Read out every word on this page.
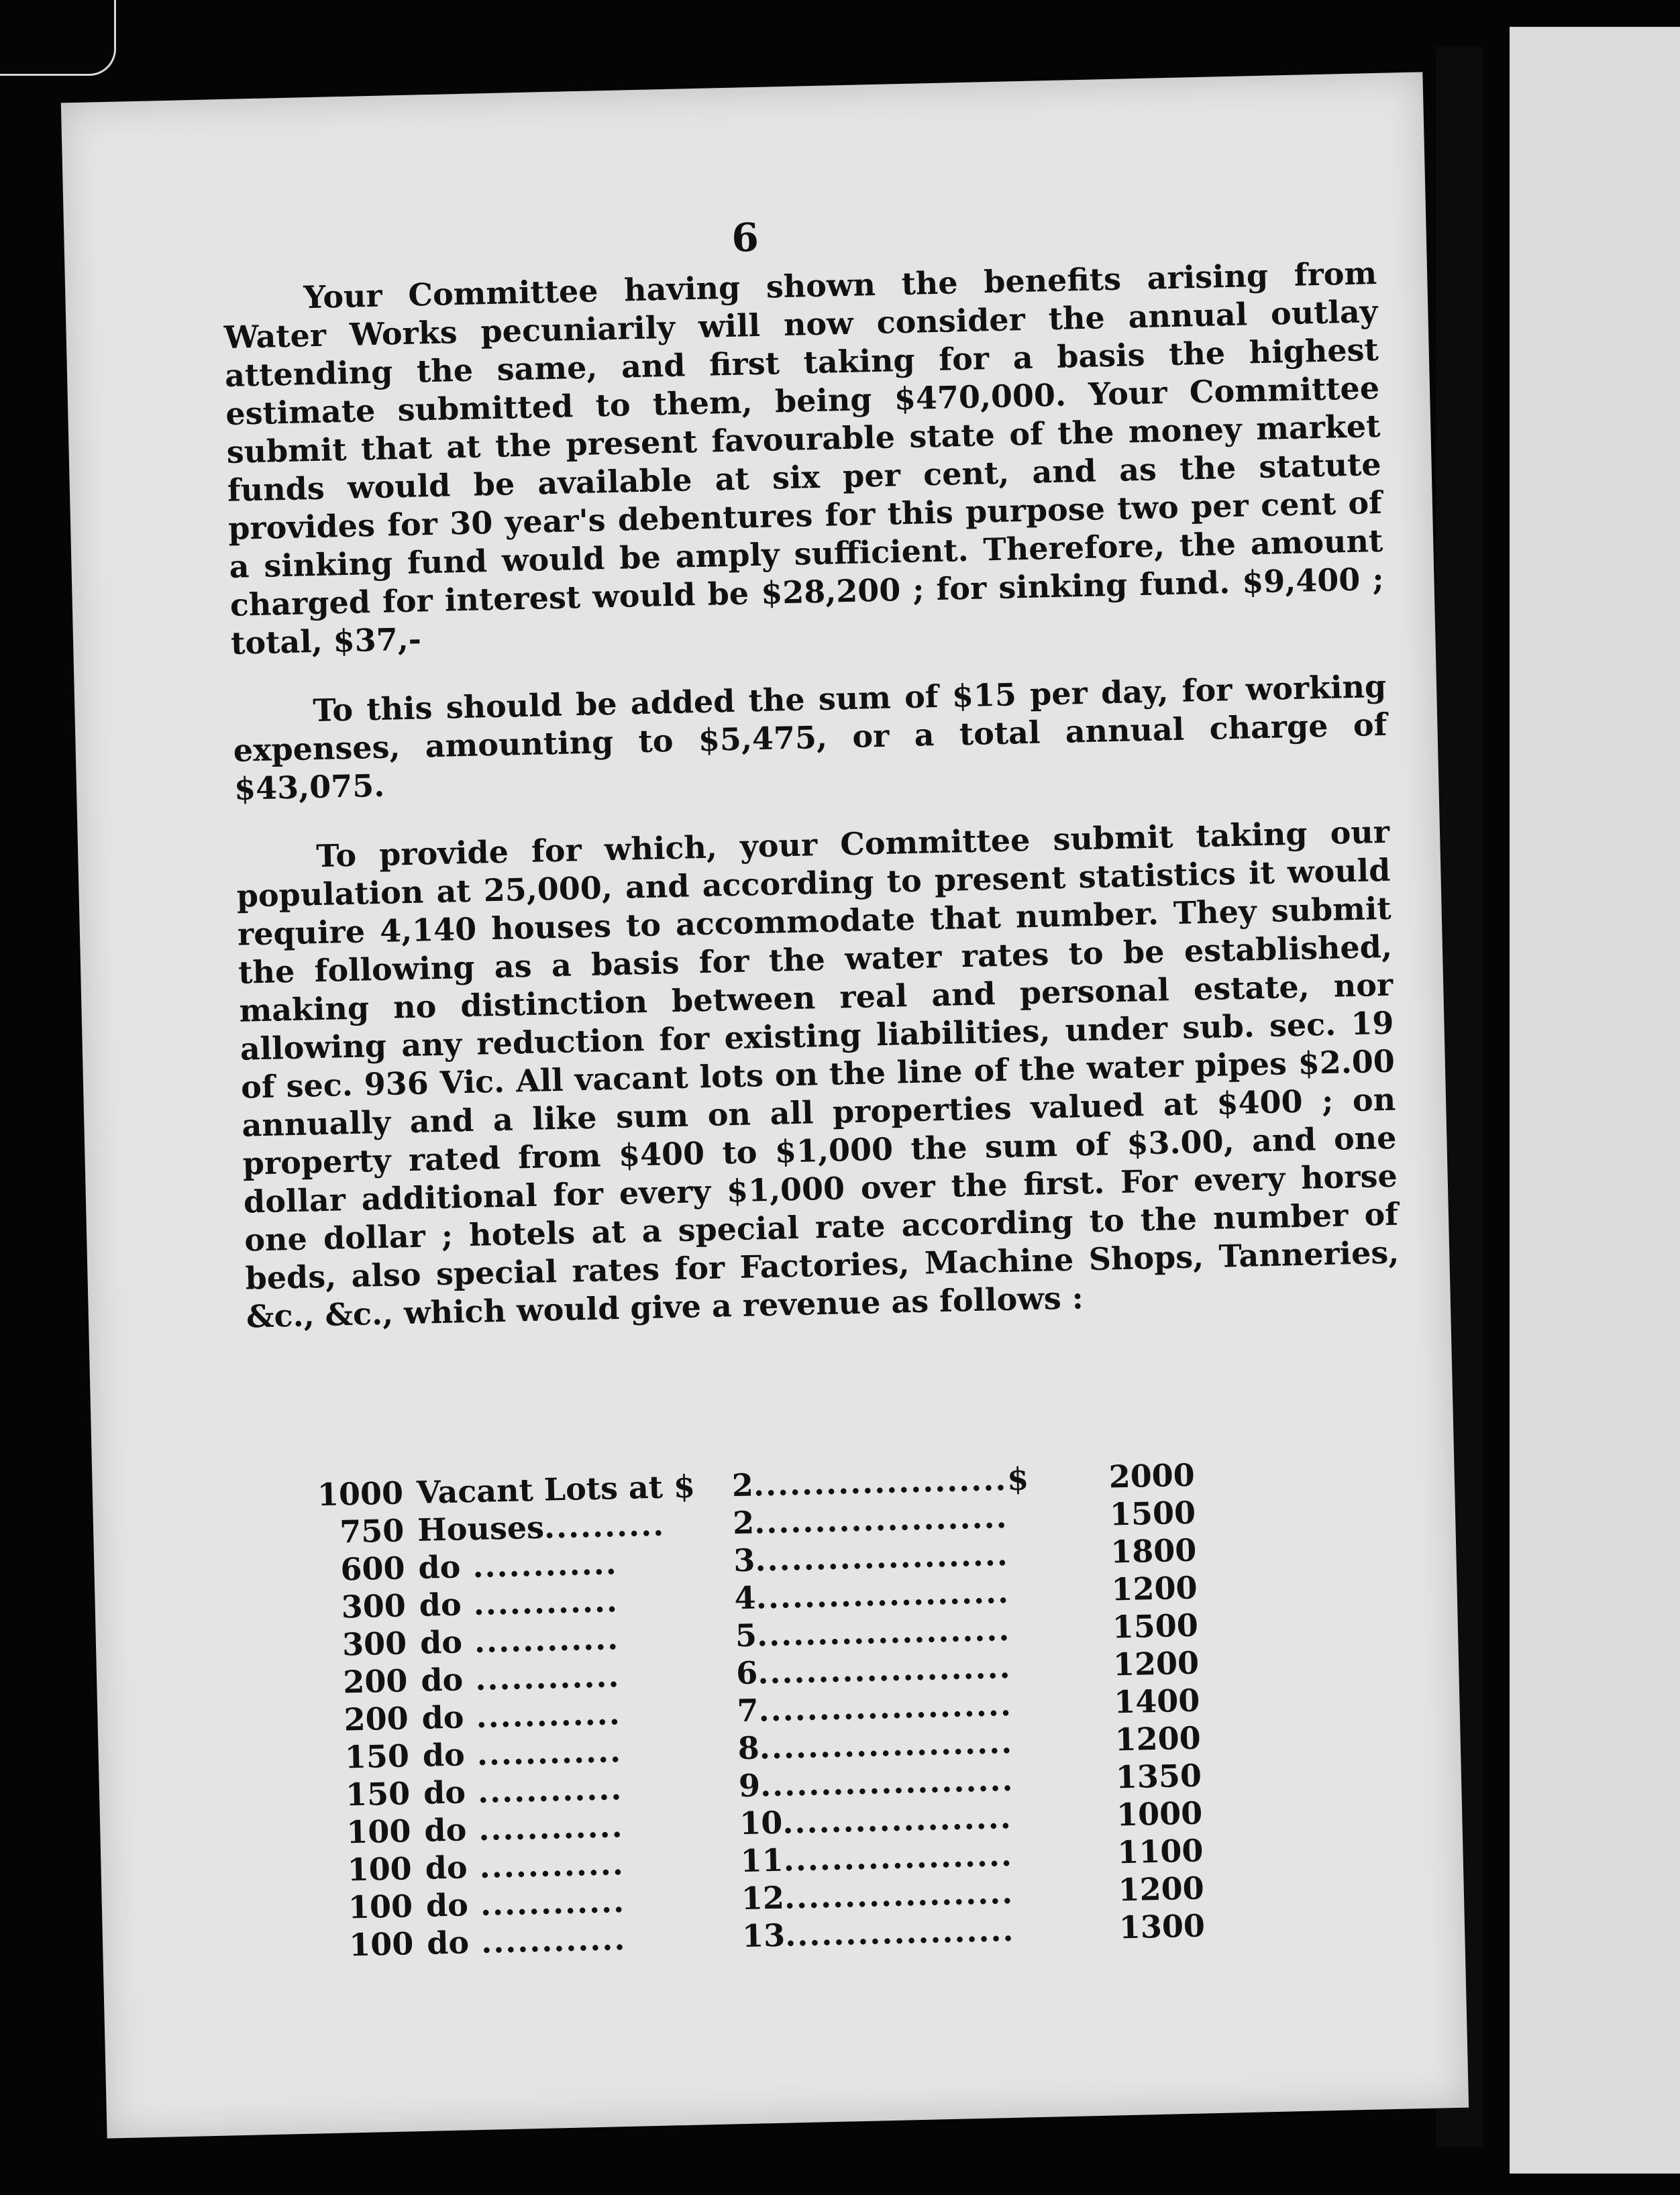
6

Your Committee having shown the benefits arising from Water Works pecuniarily will now consider the annual outlay attending the same, and first taking for a basis the highest estimate submitted to them, being $470,000. Your Committee submit that at the present favourable state of the money market funds would be available at six per cent, and as the statute provides for 30 year's debentures for this purpose two per cent of a sinking fund would be amply sufficient. Therefore, the amount charged for interest would be $28,200 ; for sinking fund. $9,400 ; total, $37,-

To this should be added the sum of $15 per day, for working expenses, amounting to $5,475, or a total annual charge of $43,075.

To provide for which, your Committee submit taking our population at 25,000, and according to present statistics it would require 4,140 houses to accommodate that number. They submit the following as a basis for the water rates to be established, making no distinction between real and personal estate, nor allowing any reduction for existing liabilities, under sub. sec. 19 of sec. 936 Vic. All vacant lots on the line of the water pipes $2.00 annually and a like sum on all properties valued at $400 ; on property rated from $400 to $1,000 the sum of $3.00, and one dollar additional for every $1,000 over the first. For every horse one dollar ; hotels at a special rate according to the number of beds, also special rates for Factories, Machine Shops, Tanneries, &c., &c., which would give a revenue as follows :

1000	Vacant Lots at $	2.....................$	2000
750	Houses..........	2.....................	1500
600	do ............	3.....................	1800
300	do ............	4.....................	1200
300	do ............	5.....................	1500
200	do ............	6.....................	1200
200	do ............	7.....................	1400
150	do ............	8.....................	1200
150	do ............	9.....................	1350
100	do ............	10...................	1000
100	do ............	11...................	1100
100	do ............	12...................	1200
100	do ............	13...................	1300
